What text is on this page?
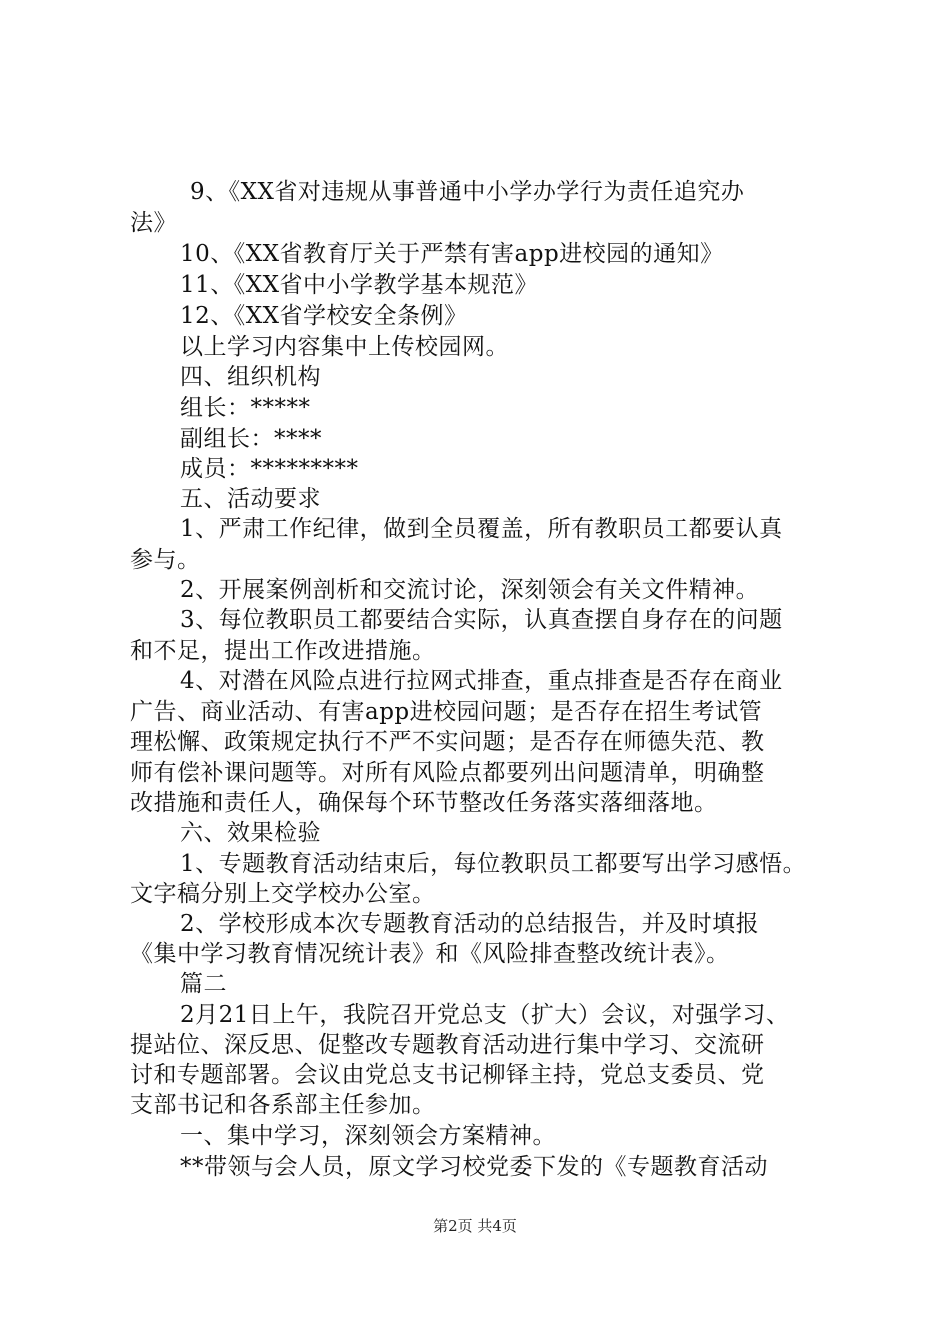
9、《XX省对违规从事普通中小学办学行为责任追究办
法》
10、《XX省教育厅关于严禁有害app进校园的通知》
11、《XX省中小学教学基本规范》
12、《XX省学校安全条例》
以上学习内容集中上传校园网。
四、组织机构
组长：*****
副组长：****
成员：*********
五、活动要求
1、严肃工作纪律，做到全员覆盖，所有教职员工都要认真
参与。
2、开展案例剖析和交流讨论，深刻领会有关文件精神。
3、每位教职员工都要结合实际，认真查摆自身存在的问题
和不足，提出工作改进措施。
4、对潜在风险点进行拉网式排查，重点排查是否存在商业
广告、商业活动、有害app进校园问题；是否存在招生考试管
理松懈、政策规定执行不严不实问题；是否存在师德失范、教
师有偿补课问题等。对所有风险点都要列出问题清单，明确整
改措施和责任人，确保每个环节整改任务落实落细落地。
六、效果检验
1、专题教育活动结束后，每位教职员工都要写出学习感悟。
文字稿分别上交学校办公室。
2、学校形成本次专题教育活动的总结报告，并及时填报
《集中学习教育情况统计表》和《风险排查整改统计表》。
篇二
2月21日上午，我院召开党总支（扩大）会议，对强学习、
提站位、深反思、促整改专题教育活动进行集中学习、交流研
讨和专题部署。会议由党总支书记柳铎主持，党总支委员、党
支部书记和各系部主任参加。
一、集中学习，深刻领会方案精神。
**带领与会人员，原文学习校党委下发的《专题教育活动
第2页 共4页
